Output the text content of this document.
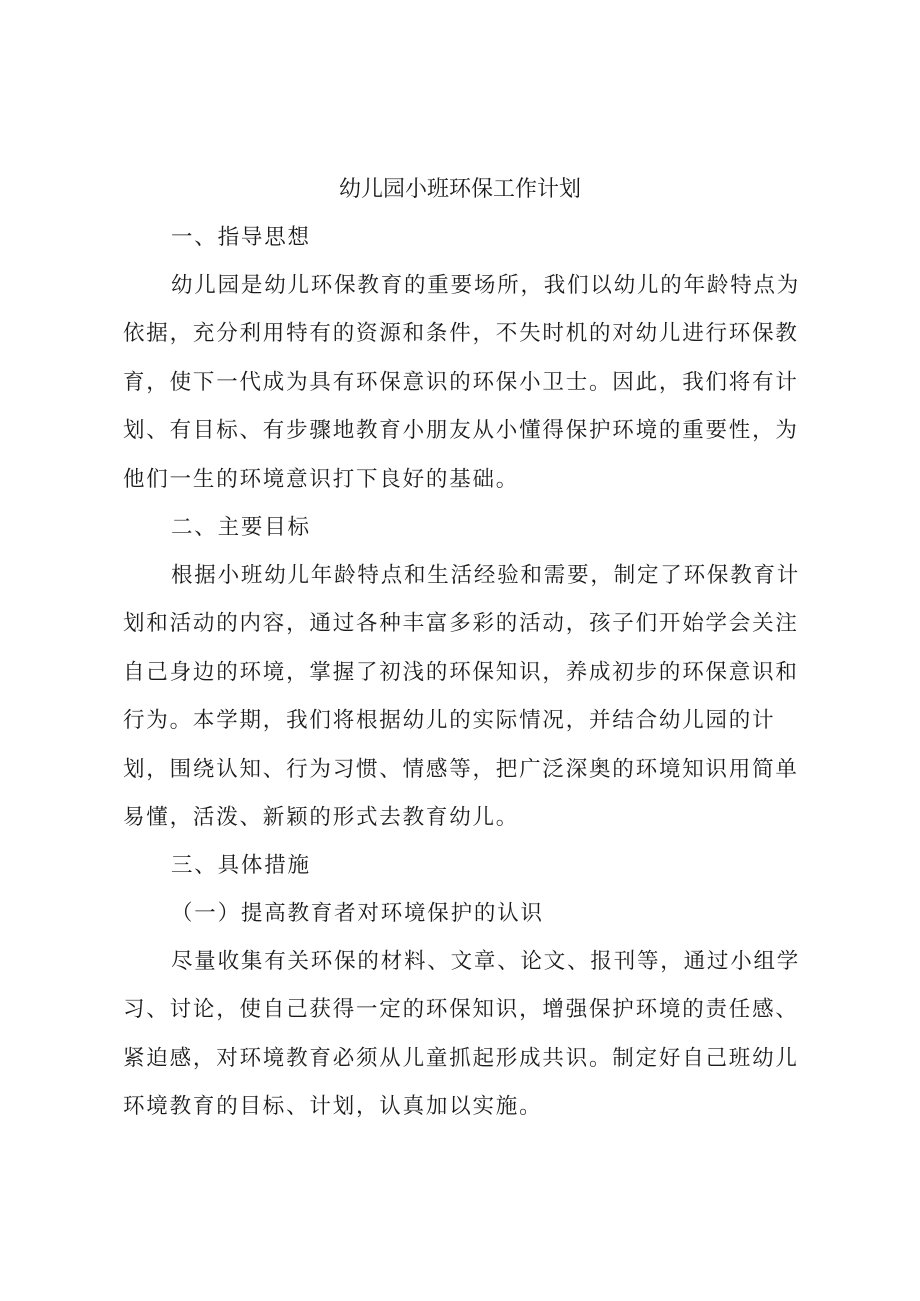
幼儿园小班环保工作计划

一、指导思想

幼儿园是幼儿环保教育的重要场所，我们以幼儿的年龄特点为依据，充分利用特有的资源和条件，不失时机的对幼儿进行环保教育，使下一代成为具有环保意识的环保小卫士。因此，我们将有计划、有目标、有步骤地教育小朋友从小懂得保护环境的重要性，为他们一生的环境意识打下良好的基础。

二、主要目标

根据小班幼儿年龄特点和生活经验和需要，制定了环保教育计划和活动的内容，通过各种丰富多彩的活动，孩子们开始学会关注自己身边的环境，掌握了初浅的环保知识，养成初步的环保意识和行为。本学期，我们将根据幼儿的实际情况，并结合幼儿园的计划，围绕认知、行为习惯、情感等，把广泛深奥的环境知识用简单易懂，活泼、新颖的形式去教育幼儿。

三、具体措施

（一）提高教育者对环境保护的认识

尽量收集有关环保的材料、文章、论文、报刊等，通过小组学习、讨论，使自己获得一定的环保知识，增强保护环境的责任感、紧迫感，对环境教育必须从儿童抓起形成共识。制定好自己班幼儿环境教育的目标、计划，认真加以实施。
